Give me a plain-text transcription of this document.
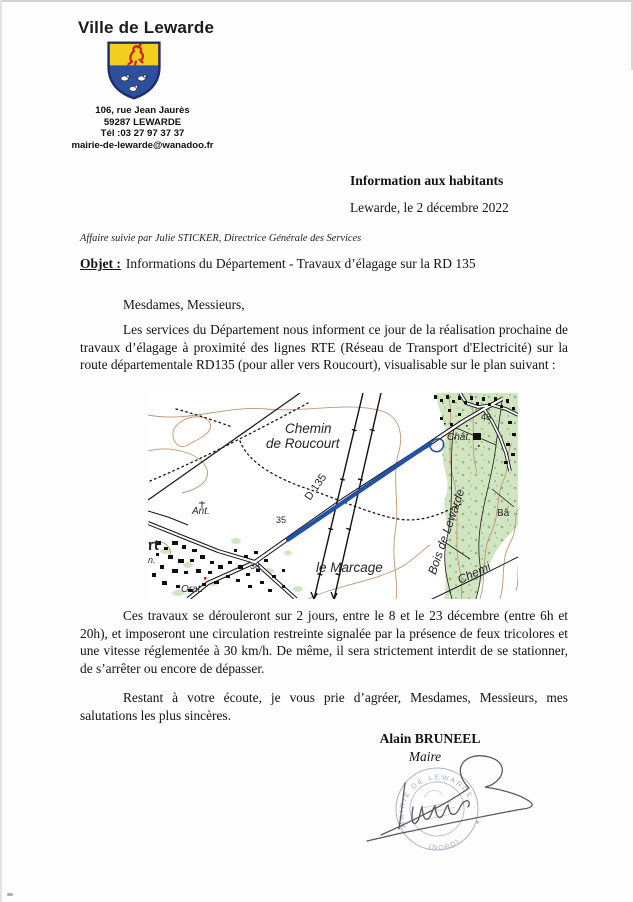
Ville de Lewarde
106, rue Jean Jaurès
59287 LEWARDE
Tél :03 27 97 37 37
mairie-de-lewarde@wanadoo.fr
Information aux habitants
Lewarde, le 2 décembre 2022
Affaire suivie par Julie STICKER, Directrice Générale des Services
Objet : Informations du Département - Travaux d’élagage sur la RD 135
Mesdames, Messieurs,
Les services du Département nous informent ce jour de la réalisation prochaine de travaux d’élagage à proximité des lignes RTE (Réseau de Transport d'Electricité) sur la route départementale RD135 (pour aller vers Roucourt), visualisable sur le plan suivant :
Chemin
de Roucourt
D 135
35
38
48
Ant.
rt
n.
Orat.
le Marcage	Bois de Lewarde
Chemi
Chât.
Bâ
Ces travaux se dérouleront sur 2 jours, entre le 8 et le 23 décembre (entre 6h et 20h), et imposeront une circulation restreinte signalée par la présence de feux tricolores et une vitesse réglementée à 30 km/h. De même, il sera strictement interdit de se stationner, de s’arrêter ou encore de dépasser.
Restant à votre écoute, je vous prie d’agréer, Mesdames, Messieurs, mes salutations les plus sincères.
Alain BRUNEEL
Maire
MAIRIE DE LEWARDE
(NORD)
✶
